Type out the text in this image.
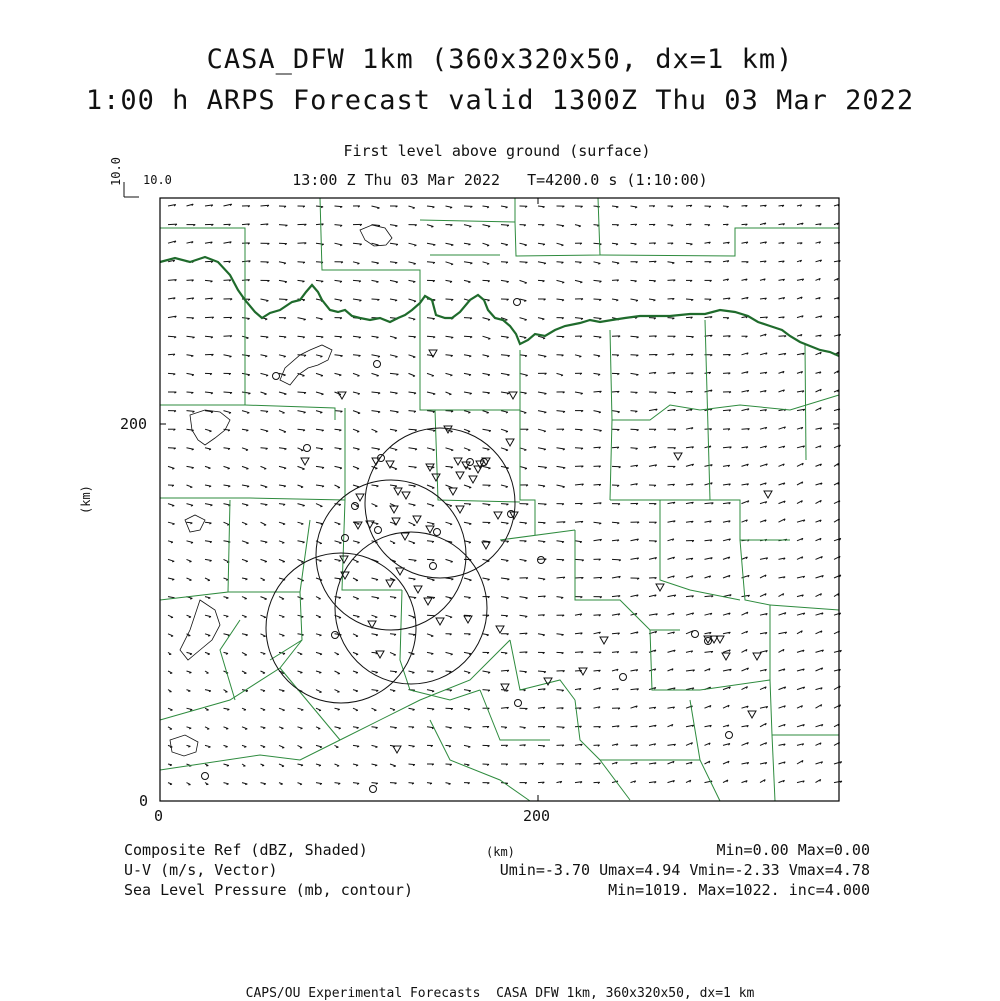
CASA_DFW 1km (360x320x50, dx=1 km)
1:00 h ARPS Forecast valid 1300Z Thu 03 Mar 2022
First level above ground (surface)
13:00 Z Thu 03 Mar 2022   T=4200.0 s (1:10:00)
10.0 10.0
200
0
0	200
(km)
Composite Ref (dBZ, Shaded)	(km)	Min=0.00 Max=0.00
U-V (m/s, Vector)	Umin=-3.70 Umax=4.94 Vmin=-2.33 Vmax=4.78
Sea Level Pressure (mb, contour)	Min=1019. Max=1022. inc=4.000
CAPS/OU Experimental Forecasts  CASA DFW 1km, 360x320x50, dx=1 km
